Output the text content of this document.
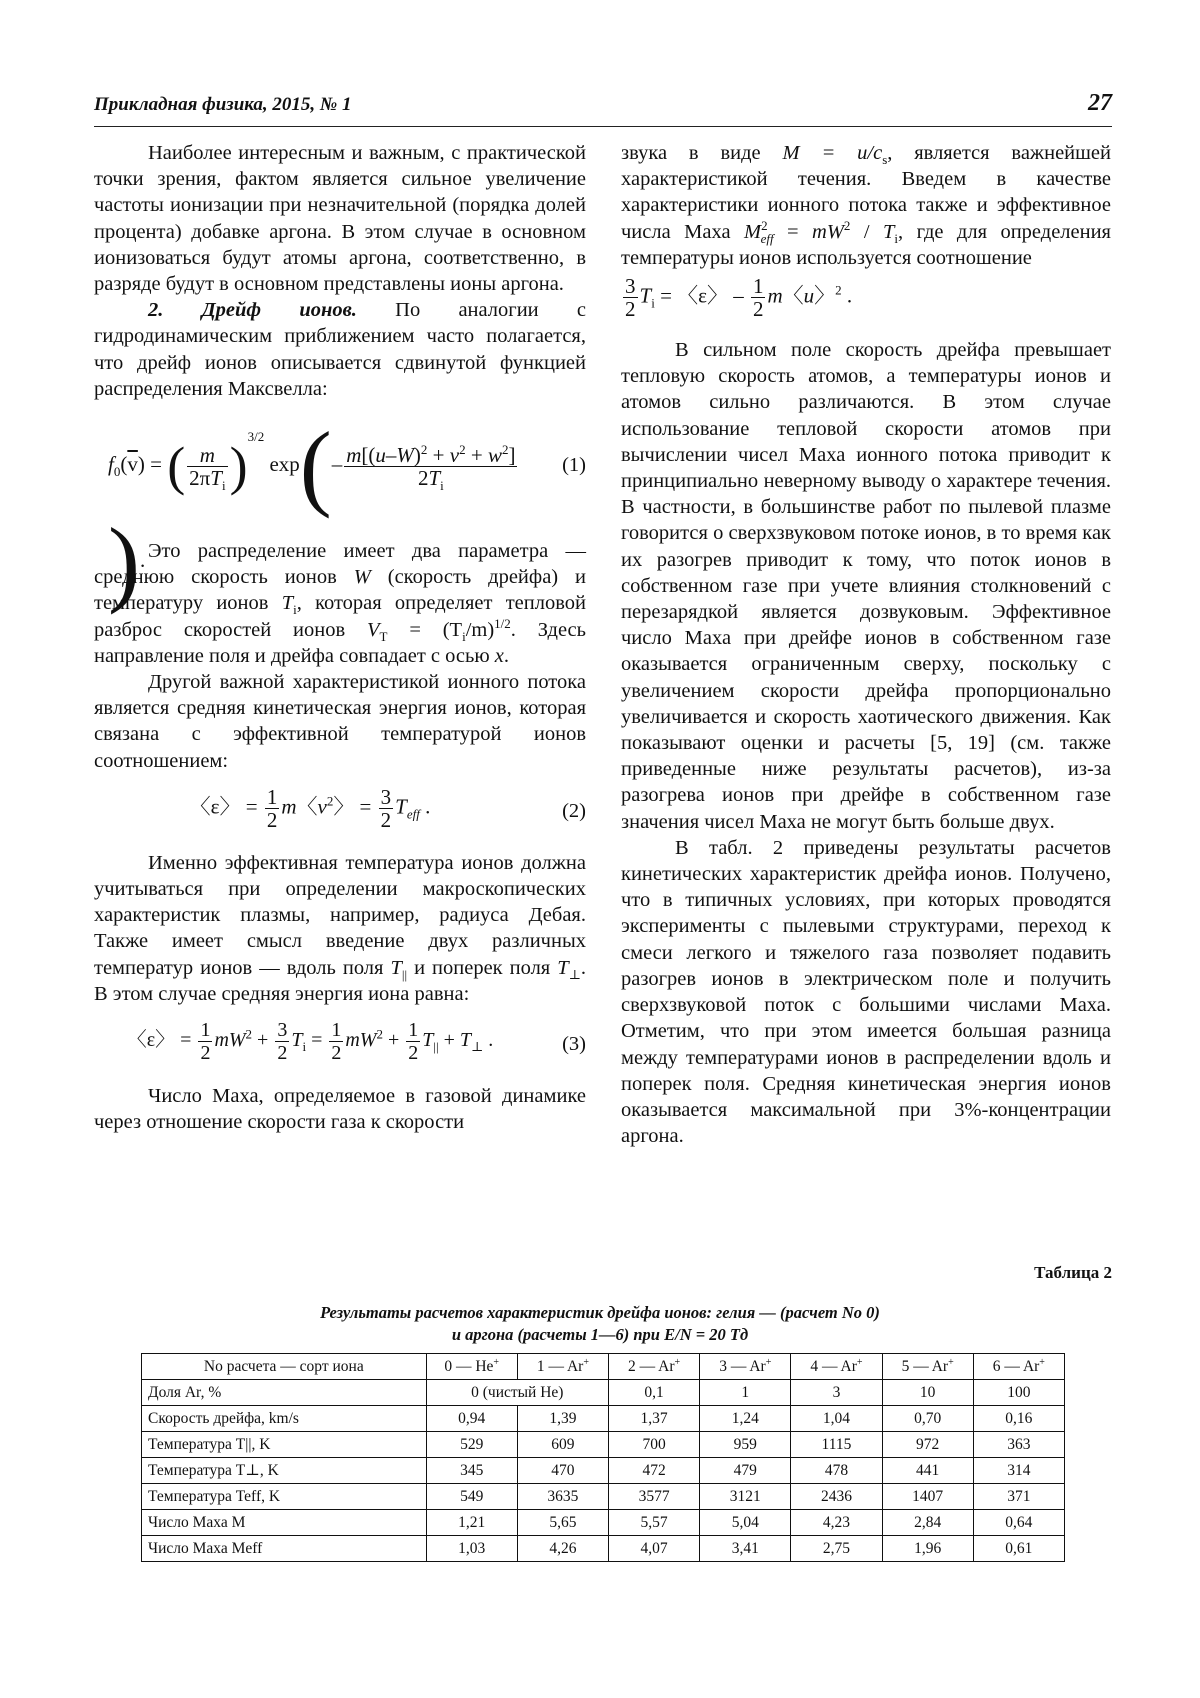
Прикладная физика, 2015, № 1	27

Наиболее интересным и важным, с практической точки зрения, фактом является сильное увеличение частоты ионизации при незначительной (порядка долей процента) добавке аргона. В этом случае в основном ионизоваться будут атомы аргона, соответственно, в разряде будут в основном представлены ионы аргона.

2. Дрейф ионов. По аналогии с гидродинамическим приближением часто полагается, что дрейф ионов описывается сдвинутой функцией распределения Максвелла:

$f_0(\overline{v})$ = ( $\frac{m}{2\pi T_i} )^{3/2}$ $\exp(- \frac{m[(u-W)^2 + v^2 + w^2]}{2T_i}$
).
(1)

Это распределение имеет два параметра — среднюю скорость ионов W (скорость дрейфа) и температуру ионов $T_i$, которая определяет тепловой разброс скоростей ионов $V_T = (T_i/m)^{1/2}$. Здесь направление поля и дрейфа совпадает с осью x.

Другой важной характеристикой ионного потока является средняя кинетическая энергия ионов, которая связана с эффективной температурой ионов соотношением:

〈ε〉 = $\frac{1}{2}$ m〈$v^2$〉 = $\frac{3}{2} T_{eff}$ .	(2)

Именно эффективная температура ионов должна учитываться при определении макроскопических характеристик плазмы, например, радиуса Дебая. Также имеет смысл введение двух различных температур ионов — вдоль поля $T_{||}$ и поперек поля $T_\perp$. В этом случае средняя энергия иона равна:

〈ε〉 = $\frac{1}{2} mW^2 + \frac{3}{2} T_i = \frac{1}{2} mW^2 + \frac{1}{2} T_{||} + T_\perp$ .	(3)

Число Маха, определяемое в газовой динамике через отношение скорости газа к скорости

звука в виде $M = u/c_s$, является важнейшей характеристикой течения. Введем в качестве характеристики ионного потока также и эффективное числа Маха $M^2_{eff} = mW^2 / T_i$, где для определения температуры ионов используется соотношение

$\frac{3}{2} T_i$ = 〈ε〉 – $\frac{1}{2}$ m〈u〉$^2$ .

В сильном поле скорость дрейфа превышает тепловую скорость атомов, а температуры ионов и атомов сильно различаются. В этом случае использование тепловой скорости атомов при вычислении чисел Маха ионного потока приводит к принципиально неверному выводу о характере течения. В частности, в большинстве работ по пылевой плазме говорится о сверхзвуковом потоке ионов, в то время как их разогрев приводит к тому, что поток ионов в собственном газе при учете влияния столкновений с перезарядкой является дозвуковым. Эффективное число Маха при дрейфе ионов в собственном газе оказывается ограниченным сверху, поскольку с увеличением скорости дрейфа пропорционально увеличивается и скорость хаотического движения. Как показывают оценки и расчеты [5, 19] (см. также приведенные ниже результаты расчетов), из-за разогрева ионов при дрейфе в собственном газе значения чисел Маха не могут быть больше двух.

В табл. 2 приведены результаты расчетов кинетических характеристик дрейфа ионов. Получено, что в типичных условиях, при которых проводятся эксперименты с пылевыми структурами, переход к смеси легкого и тяжелого газа позволяет подавить разогрев ионов в электрическом поле и получить сверхзвуковой поток с большими числами Маха. Отметим, что при этом имеется большая разница между температурами ионов в распределении вдоль и поперек поля. Средняя кинетическая энергия ионов оказывается максимальной при 3%-концентрации аргона.

Таблица 2
Результаты расчетов характеристик дрейфа ионов: гелия — (расчет No 0)
и аргона (расчеты 1—6) при E/N = 20 Тд
No расчета — сорт иона	0 — He+	1 — Ar+	2 — Ar+	3 — Ar+	4 — Ar+	5 — Ar+	6 — Ar+
Доля Ar, %	0 (чистый He)		0,1	1	3	10	100
Скорость дрейфа, km/s	0,94	1,39	1,37	1,24	1,04	0,70	0,16
Температура T||, K	529	609	700	959	1115	972	363
Температура T⊥, K	345	470	472	479	478	441	314
Температура Teff, K	549	3635	3577	3121	2436	1407	371
Число Маха M	1,21	5,65	5,57	5,04	4,23	2,84	0,64
Число Маха Meff	1,03	4,26	4,07	3,41	2,75	1,96	0,61
